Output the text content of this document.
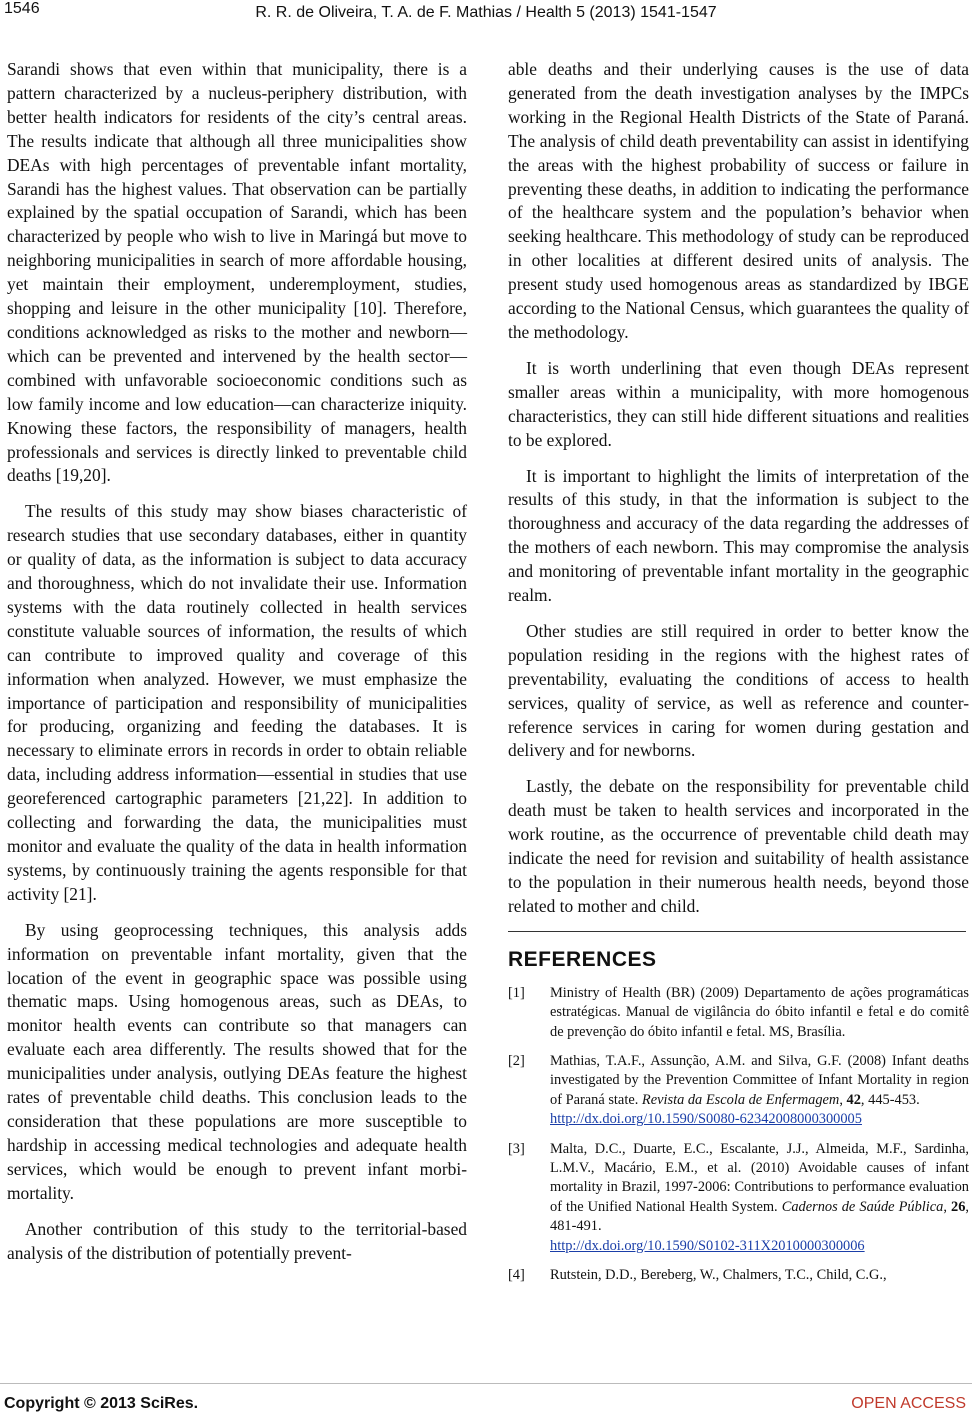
1546	R. R. de Oliveira, T. A. de F. Mathias / Health 5 (2013) 1541-1547

Sarandi shows that even within that municipality, there is a pattern characterized by a nucleus-periphery distribution, with better health indicators for residents of the city’s central areas. The results indicate that although all three municipalities show DEAs with high percentages of preventable infant mortality, Sarandi has the highest values. That observation can be partially explained by the spatial occupation of Sarandi, which has been characterized by people who wish to live in Maringá but move to neighboring municipalities in search of more affordable housing, yet maintain their employment, underemployment, studies, shopping and leisure in the other municipality [10]. Therefore, conditions acknowledged as risks to the mother and newborn—which can be prevented and intervened by the health sector—combined with unfavorable socioeconomic conditions such as low family income and low education—can characterize iniquity. Knowing these factors, the responsibility of managers, health professionals and services is directly linked to preventable child deaths [19,20].

The results of this study may show biases characteristic of research studies that use secondary databases, either in quantity or quality of data, as the information is subject to data accuracy and thoroughness, which do not invalidate their use. Information systems with the data routinely collected in health services constitute valuable sources of information, the results of which can contribute to improved quality and coverage of this information when analyzed. However, we must emphasize the importance of participation and responsibility of municipalities for producing, organizing and feeding the databases. It is necessary to eliminate errors in records in order to obtain reliable data, including address information—essential in studies that use georeferenced cartographic parameters [21,22]. In addition to collecting and forwarding the data, the municipalities must monitor and evaluate the quality of the data in health information systems, by continuously training the agents responsible for that activity [21].

By using geoprocessing techniques, this analysis adds information on preventable infant mortality, given that the location of the event in geographic space was possible using thematic maps. Using homogenous areas, such as DEAs, to monitor health events can contribute so that managers can evaluate each area differently. The results showed that for the municipalities under analysis, outlying DEAs feature the highest rates of preventable child deaths. This conclusion leads to the consideration that these populations are more susceptible to hardship in accessing medical technologies and adequate health services, which would be enough to prevent infant morbimortality.

Another contribution of this study to the territorial-based analysis of the distribution of potentially prevent-

able deaths and their underlying causes is the use of data generated from the death investigation analyses by the IMPCs working in the Regional Health Districts of the State of Paraná. The analysis of child death preventability can assist in identifying the areas with the highest probability of success or failure in preventing these deaths, in addition to indicating the performance of the healthcare system and the population’s behavior when seeking healthcare. This methodology of study can be reproduced in other localities at different desired units of analysis. The present study used homogenous areas as standardized by IBGE according to the National Census, which guarantees the quality of the methodology.

It is worth underlining that even though DEAs represent smaller areas within a municipality, with more homogenous characteristics, they can still hide different situations and realities to be explored.

It is important to highlight the limits of interpretation of the results of this study, in that the information is subject to the thoroughness and accuracy of the data regarding the addresses of the mothers of each newborn. This may compromise the analysis and monitoring of preventable infant mortality in the geographic realm.

Other studies are still required in order to better know the population residing in the regions with the highest rates of preventability, evaluating the conditions of access to health services, quality of service, as well as reference and counter-reference services in caring for women during gestation and delivery and for newborns.

Lastly, the debate on the responsibility for preventable child death must be taken to health services and incorporated in the work routine, as the occurrence of preventable child death may indicate the need for revision and suitability of health assistance to the population in their numerous health needs, beyond those related to mother and child.

REFERENCES
[1]	Ministry of Health (BR) (2009) Departamento de ações programáticas estratégicas. Manual de vigilância do óbito infantil e fetal e do comitê de prevenção do óbito infantil e fetal. MS, Brasília.
[2]	Mathias, T.A.F., Assunção, A.M. and Silva, G.F. (2008) Infant deaths investigated by the Prevention Committee of Infant Mortality in region of Paraná state. Revista da Escola de Enfermagem, 42, 445-453.
http://dx.doi.org/10.1590/S0080-62342008000300005
[3]	Malta, D.C., Duarte, E.C., Escalante, J.J., Almeida, M.F., Sardinha, L.M.V., Macário, E.M., et al. (2010) Avoidable causes of infant mortality in Brazil, 1997-2006: Contributions to performance evaluation of the Unified National Health System. Cadernos de Saúde Pública, 26, 481-491.
http://dx.doi.org/10.1590/S0102-311X2010000300006
[4]	Rutstein, D.D., Bereberg, W., Chalmers, T.C., Child, C.G.,
Copyright © 2013 SciRes.	OPEN ACCESS
